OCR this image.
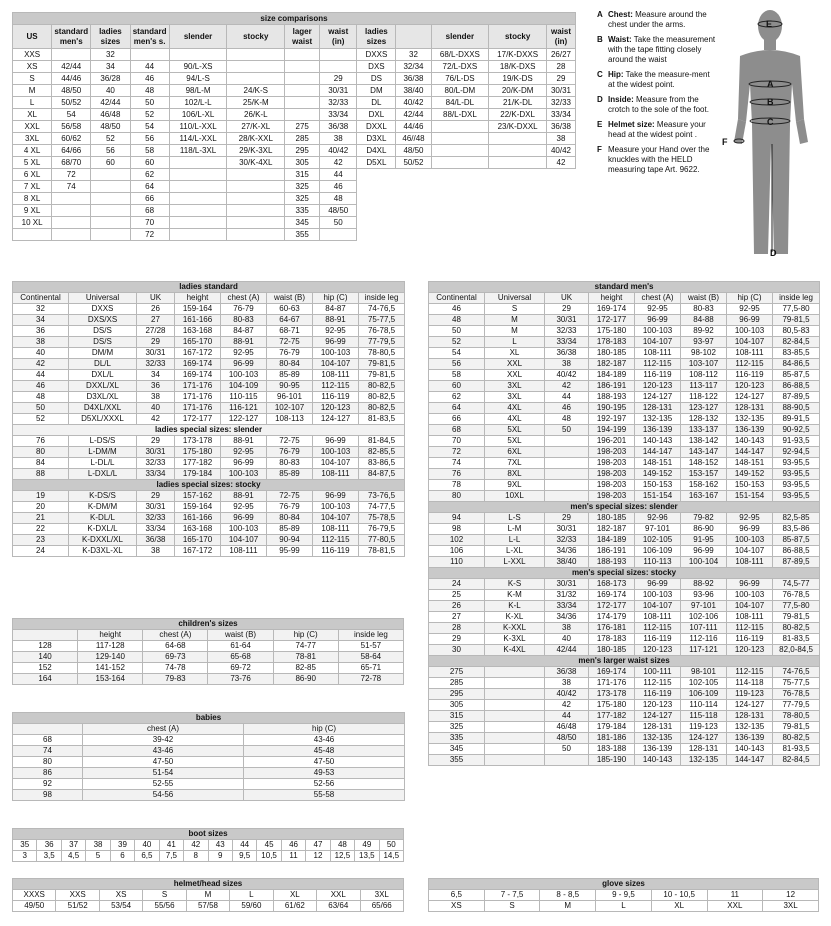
size comparisons												
US	standard men's	ladies sizes	standard men's s.	slender	stocky	lager waist	waist (in)	ladies sizes		slender	stocky	waist (in)
XXS		32						DXXS	32	68/L-DXXS	17/K-DXXS	26/27
XS	42/44	34	44	90/L-XS				DXS	32/34	72/L-DXS	18/K-DXS	28
S	44/46	36/28	46	94/L-S			29	DS	36/38	76/L-DS	19/K-DS	29
M	48/50	40	48	98/L-M	24/K-S		30/31	DM	38/40	80/L-DM	20/K-DM	30/31
L	50/52	42/44	50	102/L-L	25/K-M		32/33	DL	40/42	84/L-DL	21/K-DL	32/33
XL	54	46/48	52	106/L-XL	26/K-L		33/34	DXL	42/44	88/L-DXL	22/K-DXL	33/34
XXL	56/58	48/50	54	110/L-XXL	27/K-XL	275	36/38	DXXL	44/46		23/K-DXXL	36/38
3XL	60/62	52	56	114/L-XXL	28/K-XXL	285	38	D3XL	46//48			38
4 XL	64/66	56	58	118/L-3XL	29/K-3XL	295	40/42	D4XL	48/50			40/42
5 XL	68/70	60	60		30/K-4XL	305	42	D5XL	50/52			42
6 XL	72		62			315	44					
7 XL	74		64			325	46					
8 XL			66			325	48					
9 XL			68			335	48/50					
10 XL			70			345	50					
			72			355						
A Chest: Measure around the chest under the arms.
B Waist: Take the measurement with the tape fitting closely around the waist
C Hip: Take the measure-ment at the widest point.
D Inside: Measure from the crotch to the sole of the foot.
E Helmet size: Measure your head at the widest point .
F Measure your Hand over the knuckles with the HELD measuring tape Art. 9622.
E
A
B
C
F
D
ladies standard							
Continental	Universal	UK	height	chest (A)	waist (B)	hip (C)	inside leg
32	DXXS	26	159-164	76-79	60-63	84-87	74-76,5
34	DXS/XS	27	161-166	80-83	64-67	88-91	75-77,5
36	DS/S	27/28	163-168	84-87	68-71	92-95	76-78,5
38	DS/S	29	165-170	88-91	72-75	96-99	77-79,5
40	DM/M	30/31	167-172	92-95	76-79	100-103	78-80,5
42	DL/L	32/33	169-174	96-99	80-84	104-107	79-81,5
44	DXL/L	34	169-174	100-103	85-89	108-111	79-81,5
46	DXXL/XL	36	171-176	104-109	90-95	112-115	80-82,5
48	D3XL/XL	38	171-176	110-115	96-101	116-119	80-82,5
50	D4XL/XXL	40	171-176	116-121	102-107	120-123	80-82,5
52	D5XL/XXXL	42	172-177	122-127	108-113	124-127	81-83,5
ladies special sizes: slender							
76	L-DS/S	29	173-178	88-91	72-75	96-99	81-84,5
80	L-DM/M	30/31	175-180	92-95	76-79	100-103	82-85,5
84	L-DL/L	32/33	177-182	96-99	80-83	104-107	83-86,5
88	L-DXL/L	33/34	179-184	100-103	85-89	108-111	84-87,5
ladies special sizes: stocky							
19	K-DS/S	29	157-162	88-91	72-75	96-99	73-76,5
20	K-DM/M	30/31	159-164	92-95	76-79	100-103	74-77,5
21	K-DL/L	32/33	161-166	96-99	80-84	104-107	75-78,5
22	K-DXL/L	33/34	163-168	100-103	85-89	108-111	76-79,5
23	K-DXXL/XL	36/38	165-170	104-107	90-94	112-115	77-80,5
24	K-D3XL-XL	38	167-172	108-111	95-99	116-119	78-81,5
standard men's							
Continental	Universal	UK	height	chest (A)	waist (B)	hip (C)	inside leg
46	S	29	169-174	92-95	80-83	92-95	77,5-80
48	M	30/31	172-177	96-99	84-88	96-99	79-81,5
50	M	32/33	175-180	100-103	89-92	100-103	80,5-83
52	L	33/34	178-183	104-107	93-97	104-107	82-84,5
54	XL	36/38	180-185	108-111	98-102	108-111	83-85,5
56	XXL	38	182-187	112-115	103-107	112-115	84-86,5
58	XXL	40/42	184-189	116-119	108-112	116-119	85-87,5
60	3XL	42	186-191	120-123	113-117	120-123	86-88,5
62	3XL	44	188-193	124-127	118-122	124-127	87-89,5
64	4XL	46	190-195	128-131	123-127	128-131	88-90,5
66	4XL	48	192-197	132-135	128-132	132-135	89-91,5
68	5XL	50	194-199	136-139	133-137	136-139	90-92,5
70	5XL		196-201	140-143	138-142	140-143	91-93,5
72	6XL		198-203	144-147	143-147	144-147	92-94,5
74	7XL		198-203	148-151	148-152	148-151	93-95,5
76	8XL		198-203	149-152	153-157	149-152	93-95,5
78	9XL		198-203	150-153	158-162	150-153	93-95,5
80	10XL		198-203	151-154	163-167	151-154	93-95,5
men's special sizes: slender							
94	L-S	29	180-185	92-96	79-82	92-95	82,5-85
98	L-M	30/31	182-187	97-101	86-90	96-99	83,5-86
102	L-L	32/33	184-189	102-105	91-95	100-103	85-87,5
106	L-XL	34/36	186-191	106-109	96-99	104-107	86-88,5
110	L-XXL	38/40	188-193	110-113	100-104	108-111	87-89,5
men's special sizes: stocky							
24	K-S	30/31	168-173	96-99	88-92	96-99	74,5-77
25	K-M	31/32	169-174	100-103	93-96	100-103	76-78,5
26	K-L	33/34	172-177	104-107	97-101	104-107	77,5-80
27	K-XL	34/36	174-179	108-111	102-106	108-111	79-81,5
28	K-XXL	38	176-181	112-115	107-111	112-115	80-82,5
29	K-3XL	40	178-183	116-119	112-116	116-119	81-83,5
30	K-4XL	42/44	180-185	120-123	117-121	120-123	82,0-84,5
men's larger waist sizes							
275		36/38	169-174	100-111	98-101	112-115	74-76,5
285		38	171-176	112-115	102-105	114-118	75-77,5
295		40/42	173-178	116-119	106-109	119-123	76-78,5
305		42	175-180	120-123	110-114	124-127	77-79,5
315		44	177-182	124-127	115-118	128-131	78-80,5
325		46/48	179-184	128-131	119-123	132-135	79-81,5
335		48/50	181-186	132-135	124-127	136-139	80-82,5
345		50	183-188	136-139	128-131	140-143	81-93,5
355			185-190	140-143	132-135	144-147	82-84,5
children's sizes					
	height	chest (A)	waist (B)	hip (C)	inside leg
128	117-128	64-68	61-64	74-77	51-57
140	129-140	69-73	65-68	78-81	58-64
152	141-152	74-78	69-72	82-85	65-71
164	153-164	79-83	73-76	86-90	72-78
babies		
	chest (A)	hip (C)
68	39-42	43-46
74	43-46	45-48
80	47-50	47-50
86	51-54	49-53
92	52-55	52-56
98	54-56	55-58
boot sizes															
35	36	37	38	39	40	41	42	43	44	45	46	47	48	49	50
3	3,5	4,5	5	6	6,5	7,5	8	9	9,5	10,5	11	12	12,5	13,5	14,5
helmet/head sizes								
XXXS	XXS	XS	S	M	L	XL	XXL	3XL
49/50	51/52	53/54	55/56	57/58	59/60	61/62	63/64	65/66
glove sizes						
6,5	7 - 7,5	8 - 8,5	9 - 9,5	10 - 10,5	11	12
XS	S	M	L	XL	XXL	3XL
